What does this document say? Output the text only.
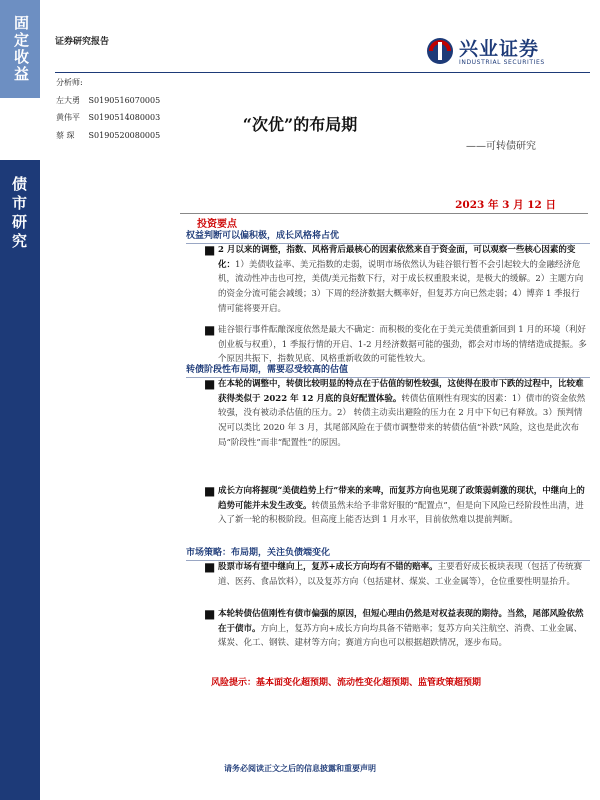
固定收益
债市研究
证券研究报告	兴业证券
INDUSTRIAL SECURITIES
分析师:
左大勇 S0190516070005
黄伟平 S0190514080003
蔡 琛 S0190520080005
“次优”的布局期
——可转债研究
2023 年 3 月 12 日
投资要点
权益判断可以偏积极，成长风格将占优
■ 2 月以来的调整，指数、风格背后最核心的因素依然来自于资金面，可以观察一些核心因素的变化：1）美债收益率、美元指数的走弱，说明市场依然认为硅谷银行暂不会引起较大的金融经济危机，流动性冲击也可控，美债/美元指数下行，对于成长权重股来说，是极大的缓解。2）主题方向的资金分流可能会减缓；3）下周的经济数据大概率好，但复苏方向已然走弱；4）博弈 1 季报行情可能将要开启。
■ 硅谷银行事件酝酿深度依然是最大不确定：而积极的变化在于美元美债重新回到 1 月的环境（利好创业板与权重），1 季报行情的开启、1-2 月经济数据可能的强劲，都会对市场的情绪造成提振。多个原因共振下，指数见底、风格重新收敛的可能性较大。
转债阶段性布局期，需要忍受较高的估值
■ 在本轮的调整中，转债比较明显的特点在于估值的韧性较强，这使得在股市下跌的过程中，比较难获得类似于 2022 年 12 月底的良好配置体验。转债估值刚性有现实的因素：1）债市的资金依然较强，没有被动杀估值的压力。2） 转债主动卖出避险的压力在 2 月中下旬已有释放。3）预判情况可以类比 2020 年 3 月，其尾部风险在于债市调整带来的转债估值“补跌”风险，这也是此次布局“阶段性”而非“配置性”的原因。
■ 成长方向将握现“美债趋势上行”带来的来啤，而复苏方向也见现了政策弱刺激的现状，中继向上的趋势可能并未发生改变。转债虽然未给予非常好服的“配置点”，但是向下风险已经阶段性出清，进入了新一轮的积极阶段。但高度上能否达到 1 月水平，目前依然难以提前判断。
市场策略：布局期，关注负债端变化
■ 股票市场有望中继向上，复苏+成长方向均有不错的赔率。主要看好成长板块表现（包括了传统赛道、医药、食品饮料），以及复苏方向（包括建材、煤炭、工业金属等），仓位重要性明显抬升。
■ 本轮转债估值刚性有债市偏强的原因，但短心理由仍然是对权益表现的期待。当然，尾部风险依然在于债市。方向上，复苏方向+成长方向均具备不错赔率；复苏方向关注航空、消费、工业金属、煤炭、化工、钢铁、建材等方向；赛道方向也可以根据超跌情况，逐步布局。
风险提示：基本面变化超预期、流动性变化超预期、监管政策超预期
请务必阅读正文之后的信息披露和重要声明
